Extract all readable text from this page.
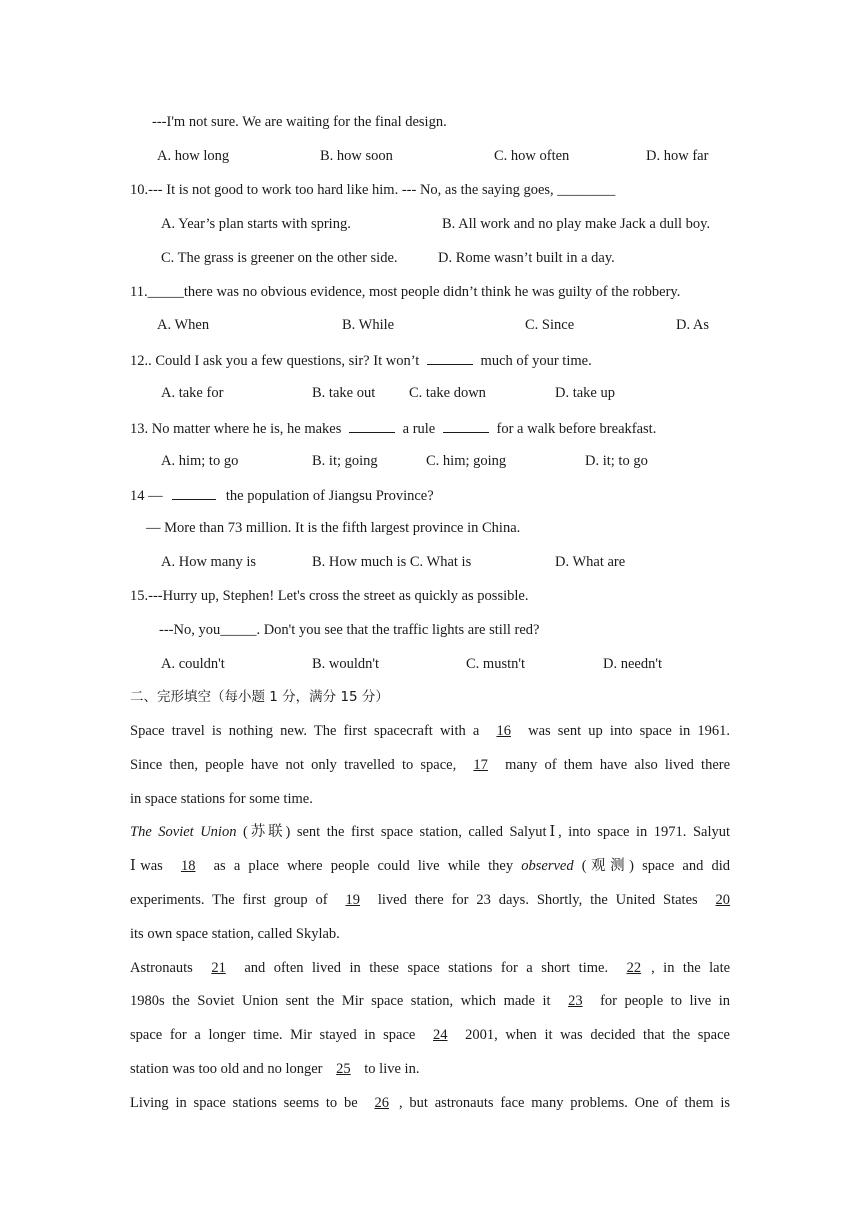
---I'm not sure. We are waiting for the final design.
A. how long	B. how soon	C. how often	D. how far
10.--- It is not good to work too hard like him. --- No, as the saying goes, ________
A. Year’s plan starts with spring.	B. All work and no play make Jack a dull boy.
C. The grass is greener on the other side.	D. Rome wasn’t built in a day.
11._____there was no obvious evidence, most people didn’t think he was guilty of the robbery.
A. When	B. While	C. Since	D. As
12.. Could I ask you a few questions, sir? It won’t	much of your time.
A. take for	B. take out C. take down	D. take up
13. No matter where he is, he makes	a rule	for a walk before breakfast.
A. him; to go	B. it; going	C. him; going	D. it; to go
14 —	the population of Jiangsu Province?
— More than 73 million. It is the fifth largest province in China.
A. How many is	B. How much is C. What is	D. What are
15.---Hurry up, Stephen! Let's cross the street as quickly as possible.
---No, you_____. Don't you see that the traffic lights are still red?
A. couldn't	B. wouldn't	C. mustn't	D. needn't
二、完形填空（每小题 1 分，满分 15 分）
Space travel is nothing new. The first spacecraft with a 16 was sent up into space in 1961.
Since then, people have not only travelled to space, 17 many of them have also lived there
in space stations for some time.
The Soviet Union (苏联) sent the first space station, called SalyutⅠ, into space in 1971. Salyut
Ⅰwas 18 as a place where people could live while they observed (观测) space and did
experiments. The first group of 19 lived there for 23 days. Shortly, the United States 20
its own space station, called Skylab.
Astronauts 21 and often lived in these space stations for a short time. 22 , in the late
1980s the Soviet Union sent the Mir space station, which made it 23 for people to live in
space for a longer time. Mir stayed in space 24 2001, when it was decided that the space
station was too old and no longer 25 to live in.
Living in space stations seems to be 26 , but astronauts face many problems. One of them is
